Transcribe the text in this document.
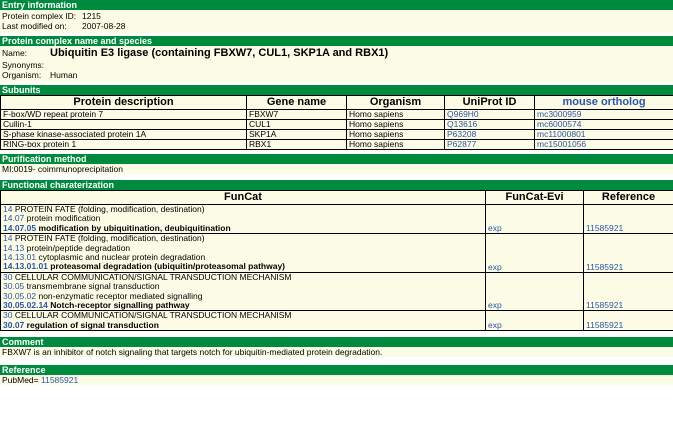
Entry information
Protein complex ID: 1215
Last modified on: 2007-08-28
Protein complex name and species
Name: Ubiquitin E3 ligase (containing FBXW7, CUL1, SKP1A and RBX1)
Synonyms:
Organism: Human
Subunits
Protein description	Gene name	Organism	UniProt ID	mouse ortholog
F-box/WD repeat protein 7	FBXW7	Homo sapiens	Q969H0	mc3000959
Cullin-1	CUL1	Homo sapiens	Q13616	mc6000574
S-phase kinase-associated protein 1A	SKP1A	Homo sapiens	P63208	mc11000801
RING-box protein 1	RBX1	Homo sapiens	P62877	mc15001056
Purification method
MI:0019- coimmunoprecipitation
Functional charaterization
FunCat	FunCat-Evi	Reference

14 PROTEIN FATE (folding, modification, destination)
14.07 protein modification
14.07.05 modification by ubiquitination, deubiquitination	exp	11585921

14 PROTEIN FATE (folding, modification, destination)
14.13 protein/peptide degradation
14.13.01 cytoplasmic and nuclear protein degradation
14.13.01.01 proteasomal degradation (ubiquitin/proteasomal pathway)	exp	11585921

30 CELLULAR COMMUNICATION/SIGNAL TRANSDUCTION MECHANISM
30.05 transmembrane signal transduction
30.05.02 non-enzymatic receptor mediated signalling
30.05.02.14 Notch-receptor signalling pathway	exp	11585921

30 CELLULAR COMMUNICATION/SIGNAL TRANSDUCTION MECHANISM
30.07 regulation of signal transduction	exp	11585921
Comment
FBXW7 is an inhibitor of notch signaling that targets notch for ubiquitin-mediated protein degradation.
Reference
PubMed= 11585921
